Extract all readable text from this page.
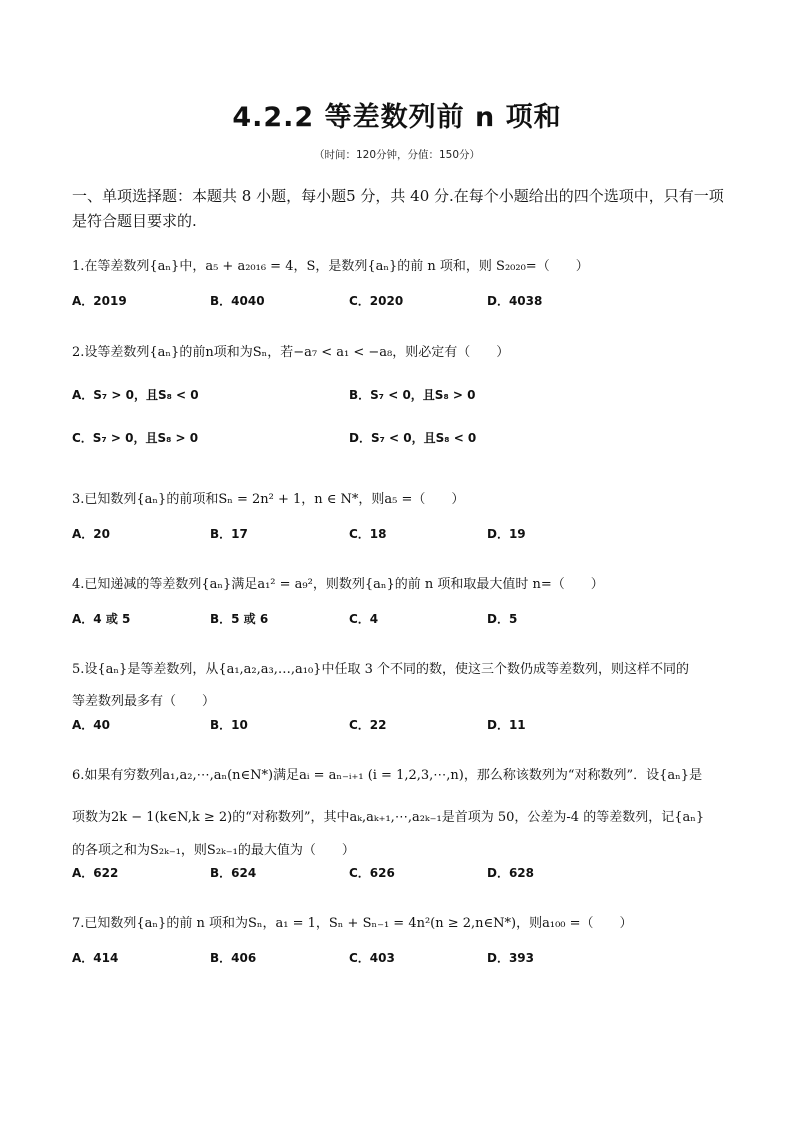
4.2.2 等差数列前 n 项和
（时间：120分钟，分值：150分）
一、单项选择题：本题共 8 小题，每小题5 分，共 40 分.在每个小题给出的四个选项中，只有一项是符合题目要求的.
1.在等差数列{aₙ}中，a₅ + a₂₀₁₆ = 4，S，是数列{aₙ}的前 n 项和，则 S₂₀₂₀=（　　）
A．2019	B．4040	C．2020	D．4038
2.设等差数列{aₙ}的前n项和为Sₙ，若−a₇ < a₁ < −a₈，则必定有（　　）
A．S₇ > 0，且S₈ < 0	B．S₇ < 0，且S₈ > 0
C．S₇ > 0，且S₈ > 0	D．S₇ < 0，且S₈ < 0
3.已知数列{aₙ}的前项和Sₙ = 2n² + 1，n ∈ N*，则a₅ =（　　）
A．20	B．17	C．18	D．19
4.已知递减的等差数列{aₙ}满足a₁² = a₉²，则数列{aₙ}的前 n 项和取最大值时 n=（　　）
A．4 或 5	B．5 或 6	C．4	D．5
5.设{aₙ}是等差数列，从{a₁,a₂,a₃,…,a₁₀}中任取 3 个不同的数，使这三个数仍成等差数列，则这样不同的
等差数列最多有（　　）
A．40	B．10	C．22	D．11
6.如果有穷数列a₁,a₂,⋯,aₙ(n∈N*)满足aᵢ = aₙ₋ᵢ₊₁ (i = 1,2,3,⋯,n)，那么称该数列为“对称数列”．设{aₙ}是
项数为2k − 1(k∈N,k ≥ 2)的“对称数列”，其中aₖ,aₖ₊₁,⋯,a₂ₖ₋₁是首项为 50，公差为-4 的等差数列，记{aₙ}
的各项之和为S₂ₖ₋₁，则S₂ₖ₋₁的最大值为（　　）
A．622	B．624	C．626	D．628
7.已知数列{aₙ}的前 n 项和为Sₙ，a₁ = 1，Sₙ + Sₙ₋₁ = 4n²(n ≥ 2,n∈N*)，则a₁₀₀ =（　　）
A．414	B．406	C．403	D．393
